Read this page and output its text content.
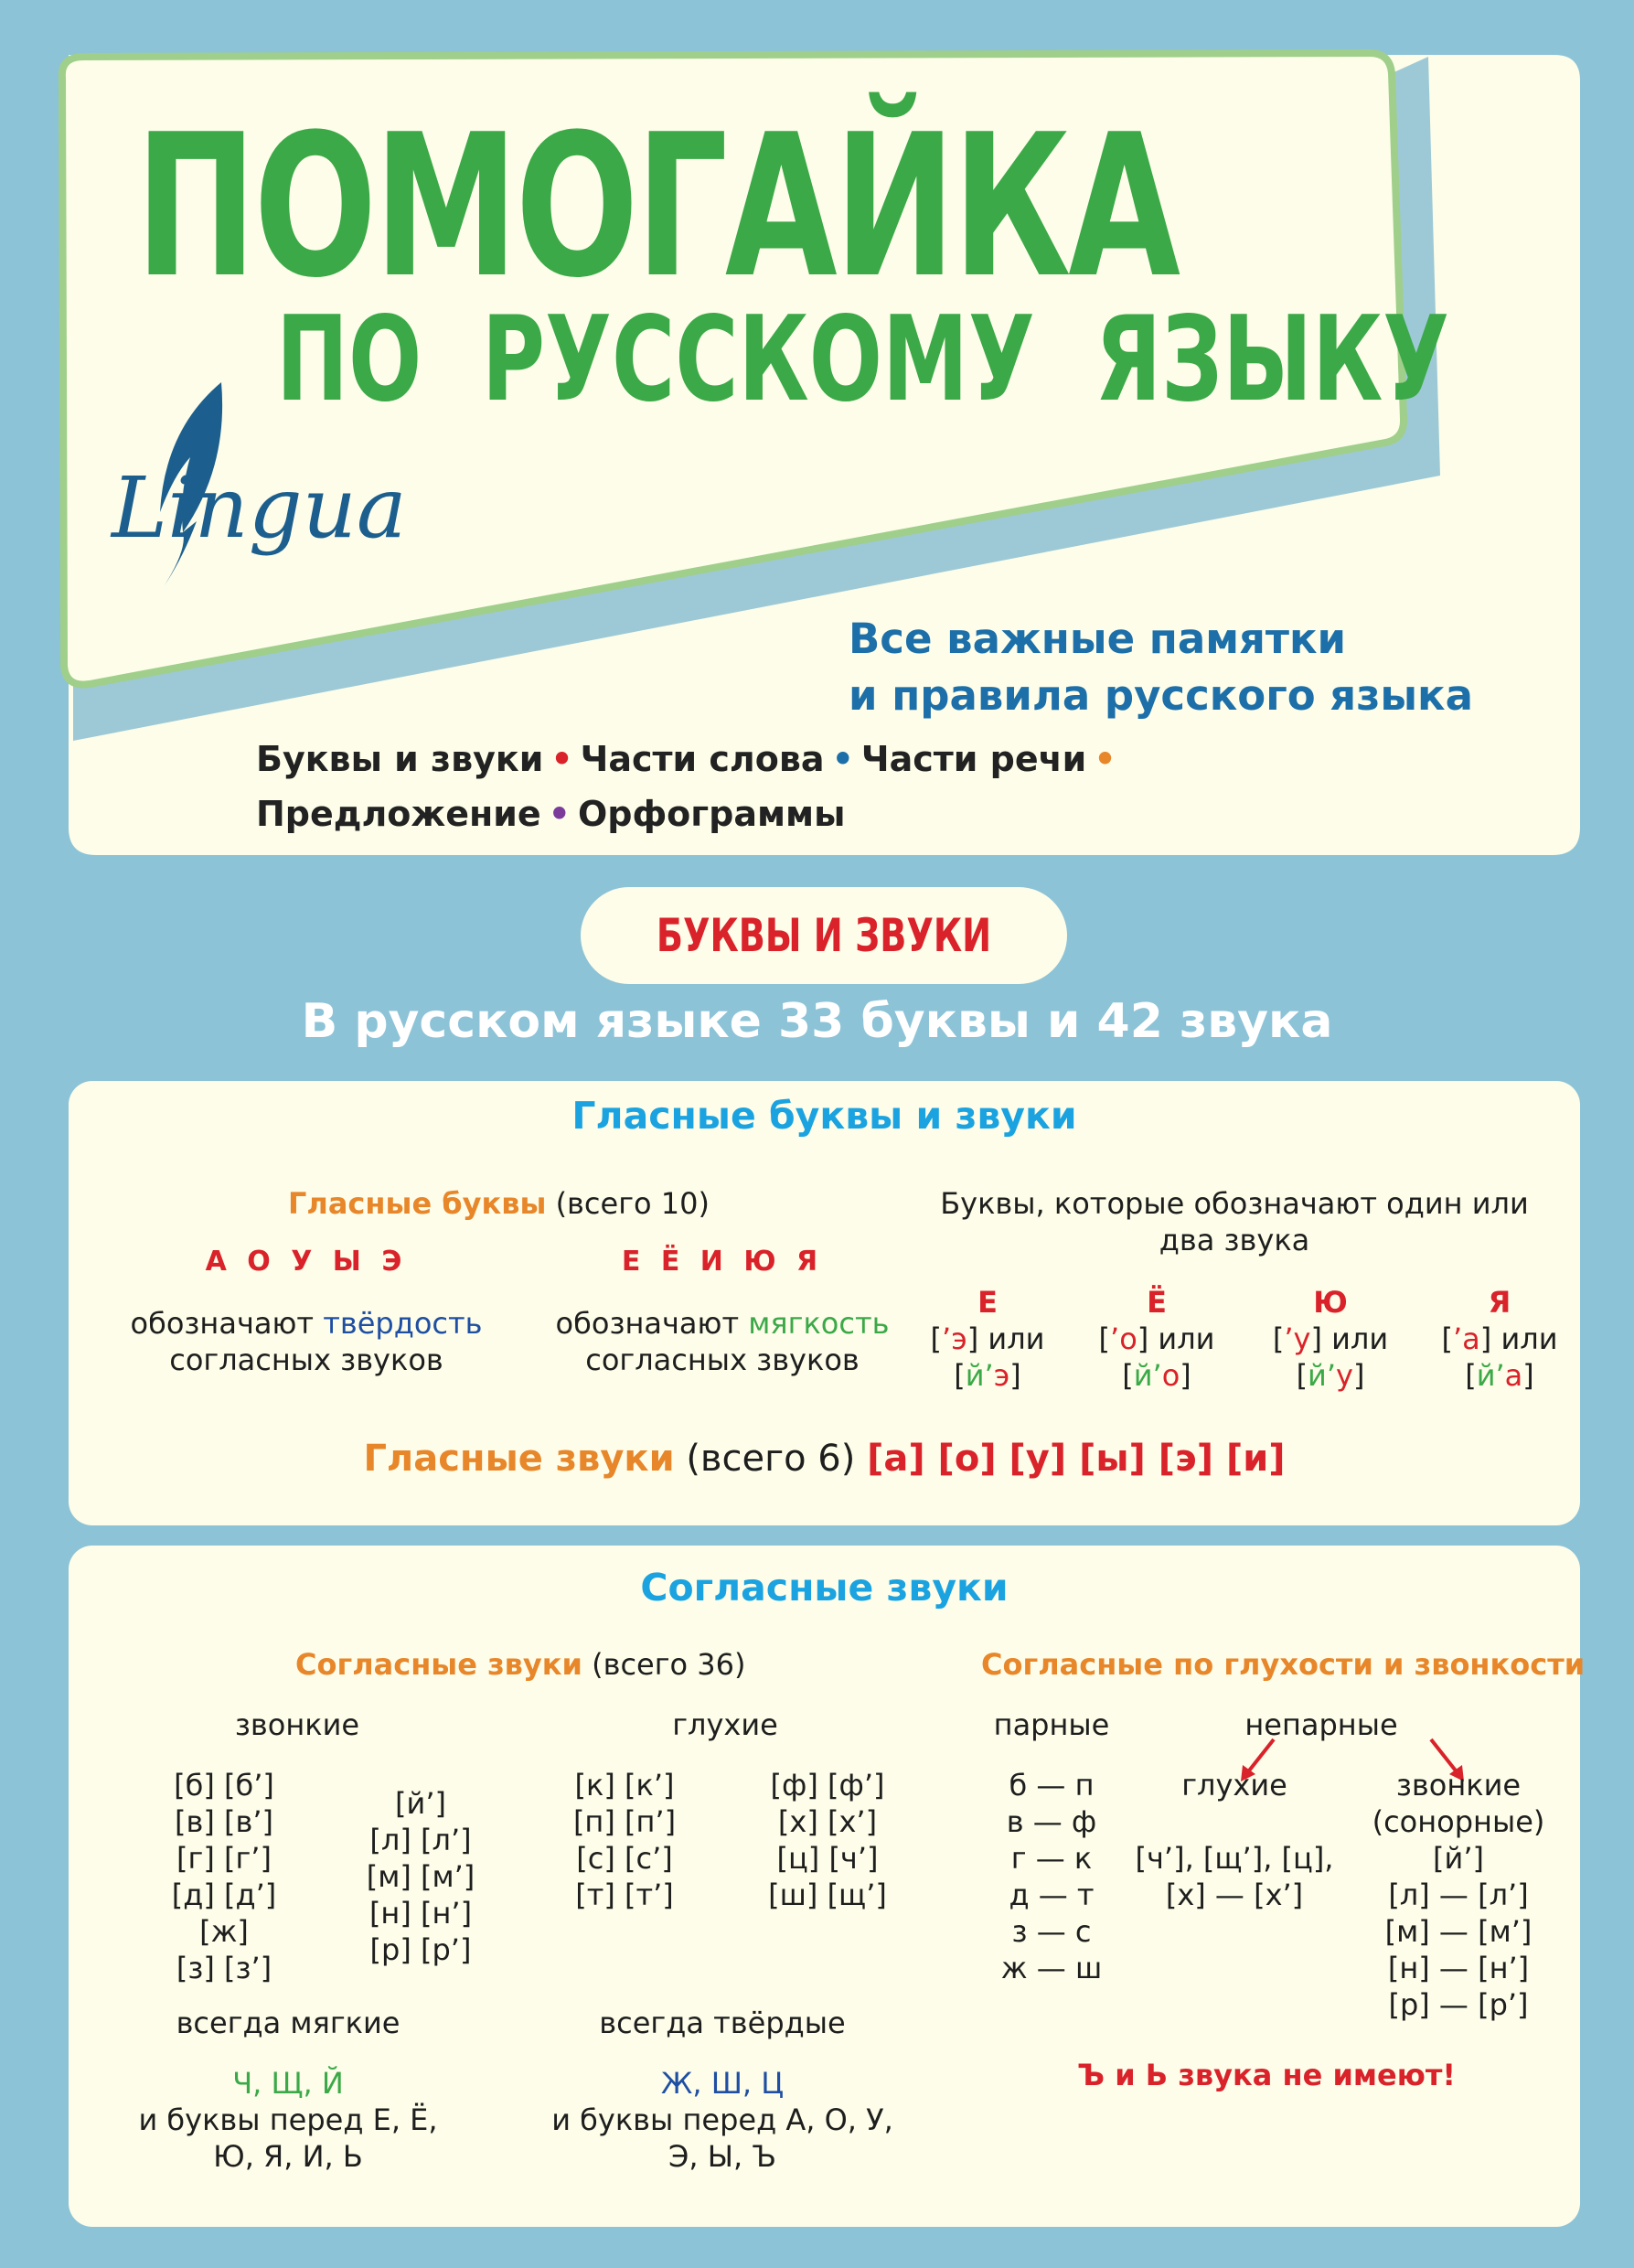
ПОМОГАЙКА
ПО РУССКОМУ ЯЗЫКУ
Lingua
Все важные памятки
и правила русского языка
Буквы и звуки • Части слова • Части речи •
Предложение • Орфограммы
БУКВЫ И ЗВУКИ
В русском языке 33 буквы и 42 звука
Гласные буквы и звуки
Гласные буквы (всего 10)
А О У Ы Э
обозначают твёрдость
согласных звуков
Е Ё И Ю Я
обозначают мягкость
согласных звуков
Буквы, которые обозначают один или два звука
Е
[’э] или
[й’э]
Ё
[’о] или
[й’о]
Ю
[’у] или
[й’у]
Я
[’а] или
[й’а]
Гласные звуки (всего 6) [а] [о] [у] [ы] [э] [и]
Согласные звуки
Согласные звуки (всего 36)
звонкие	глухие
[б] [б’]
[в] [в’]
[г] [г’]
[д] [д’]
[ж]
[з] [з’]
[й’]
[л] [л’]
[м] [м’]
[н] [н’]
[р] [р’]
[к] [к’]
[п] [п’]
[с] [с’]
[т] [т’]
[ф] [ф’]
[х] [х’]
[ц] [ч’]
[ш] [щ’]
всегда мягкие
Ч, Щ, Й
и буквы перед Е, Ё, Ю, Я, И, Ь
всегда твёрдые
Ж, Ш, Ц
и буквы перед А, О, У, Э, Ы, Ъ
Согласные по глухости и звонкости
парные	непарные
б — п
в — ф
г — к
д — т
з — с
ж — ш
глухие
[ч’], [щ’], [ц],
[х] — [х’]
звонкие
(сонорные)
[й’]
[л] — [л’]
[м] — [м’]
[н] — [н’]
[р] — [р’]
Ъ и Ь звука не имеют!
